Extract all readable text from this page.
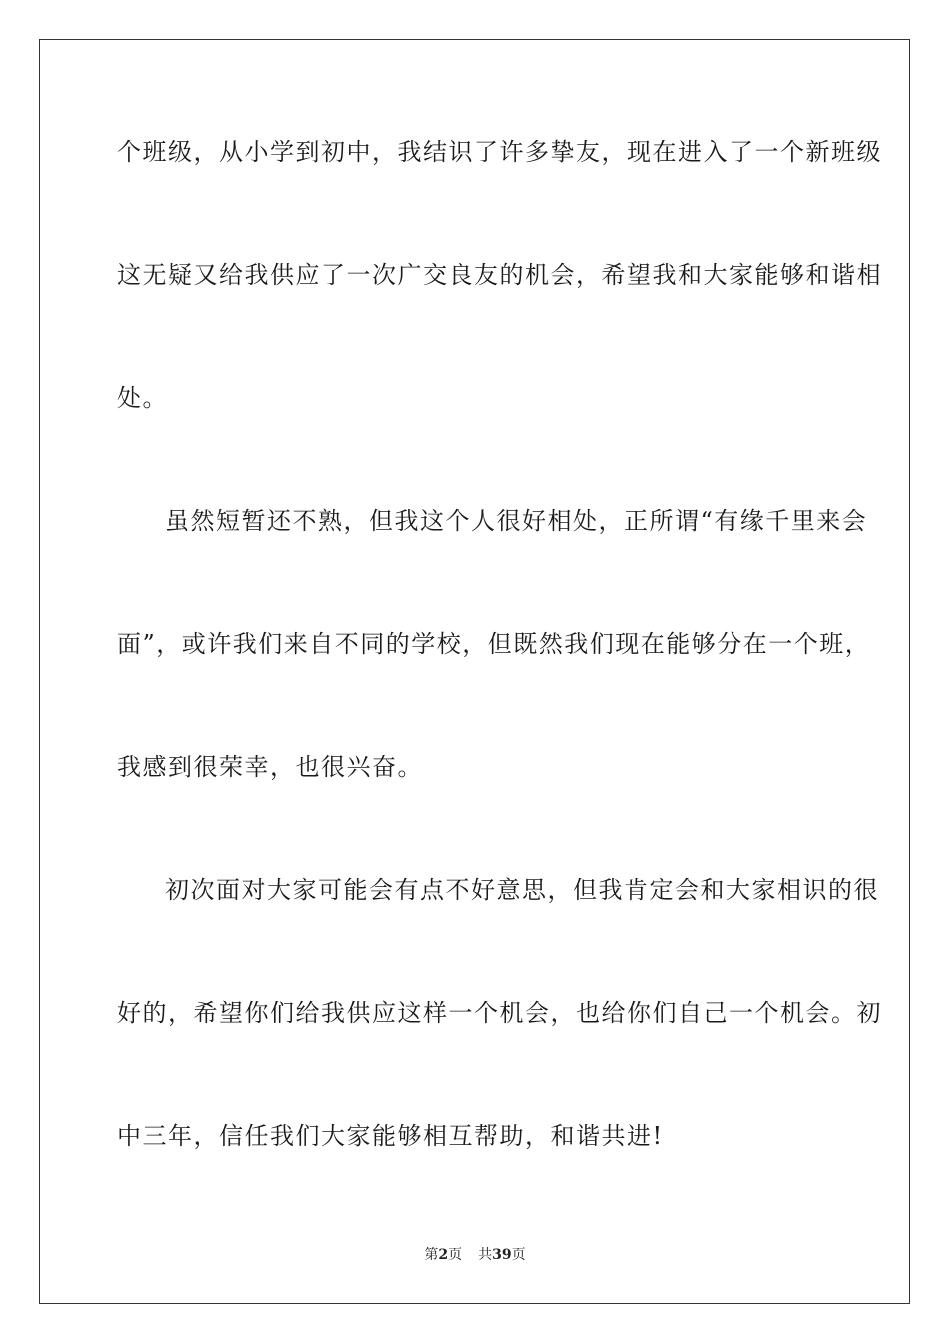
个班级，从小学到初中，我结识了许多挚友，现在进入了一个新班级
这无疑又给我供应了一次广交良友的机会，希望我和大家能够和谐相
处。
虽然短暂还不熟，但我这个人很好相处，正所谓“有缘千里来会
面”，或许我们来自不同的学校，但既然我们现在能够分在一个班，
我感到很荣幸，也很兴奋。
初次面对大家可能会有点不好意思，但我肯定会和大家相识的很
好的，希望你们给我供应这样一个机会，也给你们自己一个机会。初
中三年，信任我们大家能够相互帮助，和谐共进!
第2页 共39页
